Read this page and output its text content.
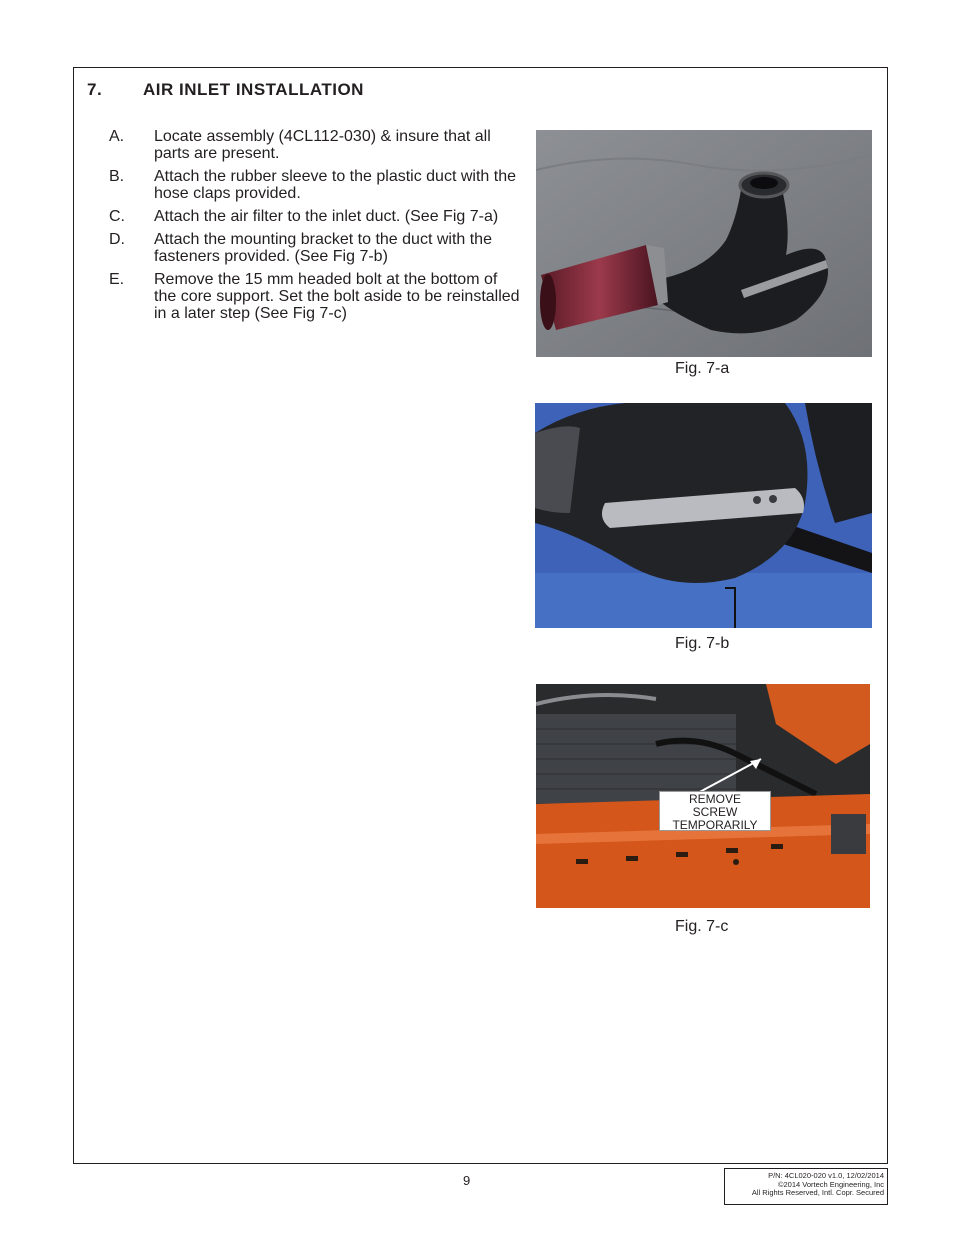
7. AIR INLET INSTALLATION
A. Locate assembly (4CL112-030) & insure that all parts are present.
B. Attach the rubber sleeve to the plastic duct with the hose claps provided.
C. Attach the air filter to the inlet duct. (See Fig 7-a)
D. Attach the mounting bracket to the duct with the fasteners provided. (See Fig 7-b)
E. Remove the 15 mm headed bolt at the bottom of the core support. Set the bolt aside to be reinstalled in a later step (See Fig 7-c)
Fig. 7-a
Fig. 7-b
REMOVE
SCREW
TEMPORARILY
Fig. 7-c
9	P/N: 4CL020-020 v1.0, 12/02/2014
©2014 Vortech Engineering, Inc
All Rights Reserved, Intl. Copr. Secured
